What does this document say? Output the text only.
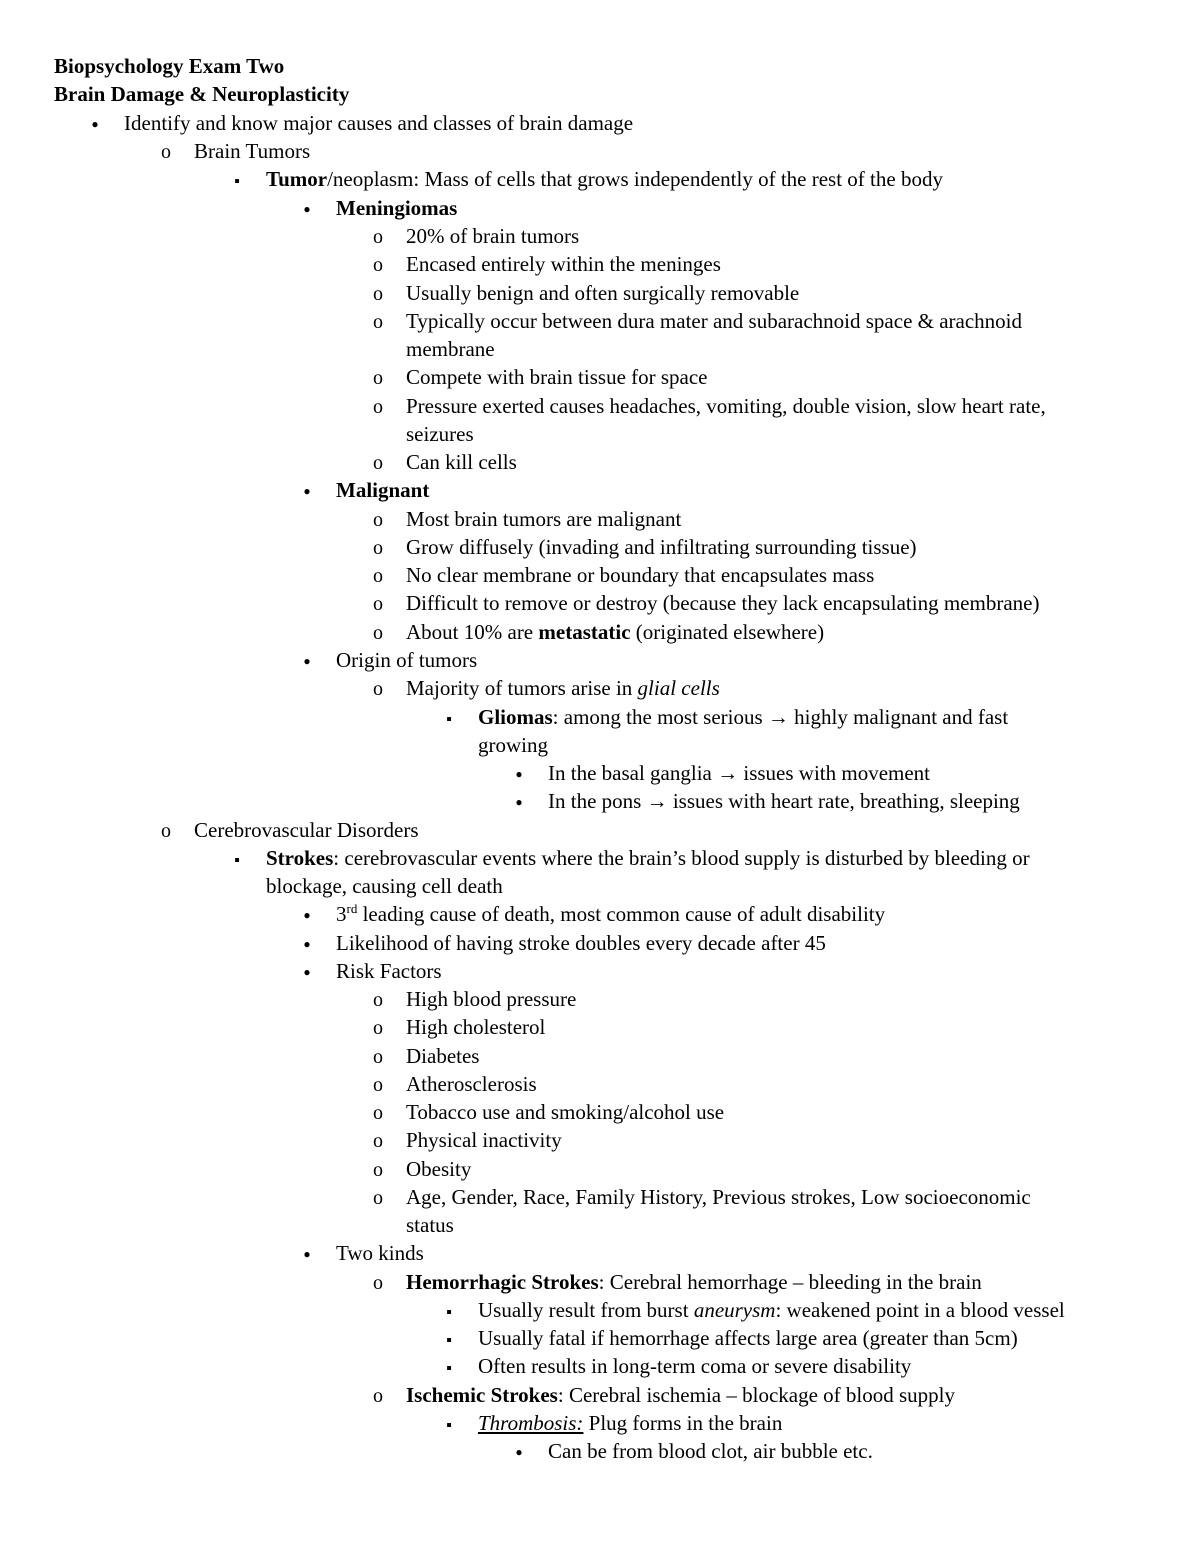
Biopsychology Exam Two
Brain Damage & Neuroplasticity
●
Identify and know major causes and classes of brain damage
o
Brain Tumors
▪
Tumor/neoplasm: Mass of cells that grows independently of the rest of the body
●
Meningiomas
o
20% of brain tumors
o
Encased entirely within the meninges
o
Usually benign and often surgically removable
o
Typically occur between dura mater and subarachnoid space & arachnoid
membrane
o
Compete with brain tissue for space
o
Pressure exerted causes headaches, vomiting, double vision, slow heart rate,
seizures
o
Can kill cells
●
Malignant
o
Most brain tumors are malignant
o
Grow diffusely (invading and infiltrating surrounding tissue)
o
No clear membrane or boundary that encapsulates mass
o
Difficult to remove or destroy (because they lack encapsulating membrane)
o
About 10% are metastatic (originated elsewhere)
●
Origin of tumors
o
Majority of tumors arise in glial cells
▪
Gliomas: among the most serious → highly malignant and fast
growing
●
In the basal ganglia → issues with movement
●
In the pons → issues with heart rate, breathing, sleeping
o
Cerebrovascular Disorders
▪
Strokes: cerebrovascular events where the brain’s blood supply is disturbed by bleeding or
blockage, causing cell death
●
3rd leading cause of death, most common cause of adult disability
●
Likelihood of having stroke doubles every decade after 45
●
Risk Factors
o
High blood pressure
o
High cholesterol
o
Diabetes
o
Atherosclerosis
o
Tobacco use and smoking/alcohol use
o
Physical inactivity
o
Obesity
o
Age, Gender, Race, Family History, Previous strokes, Low socioeconomic
status
●
Two kinds
o
Hemorrhagic Strokes: Cerebral hemorrhage – bleeding in the brain
▪
Usually result from burst aneurysm: weakened point in a blood vessel
▪
Usually fatal if hemorrhage affects large area (greater than 5cm)
▪
Often results in long-term coma or severe disability
o
Ischemic Strokes: Cerebral ischemia – blockage of blood supply
▪
Thrombosis: Plug forms in the brain
●
Can be from blood clot, air bubble etc.
